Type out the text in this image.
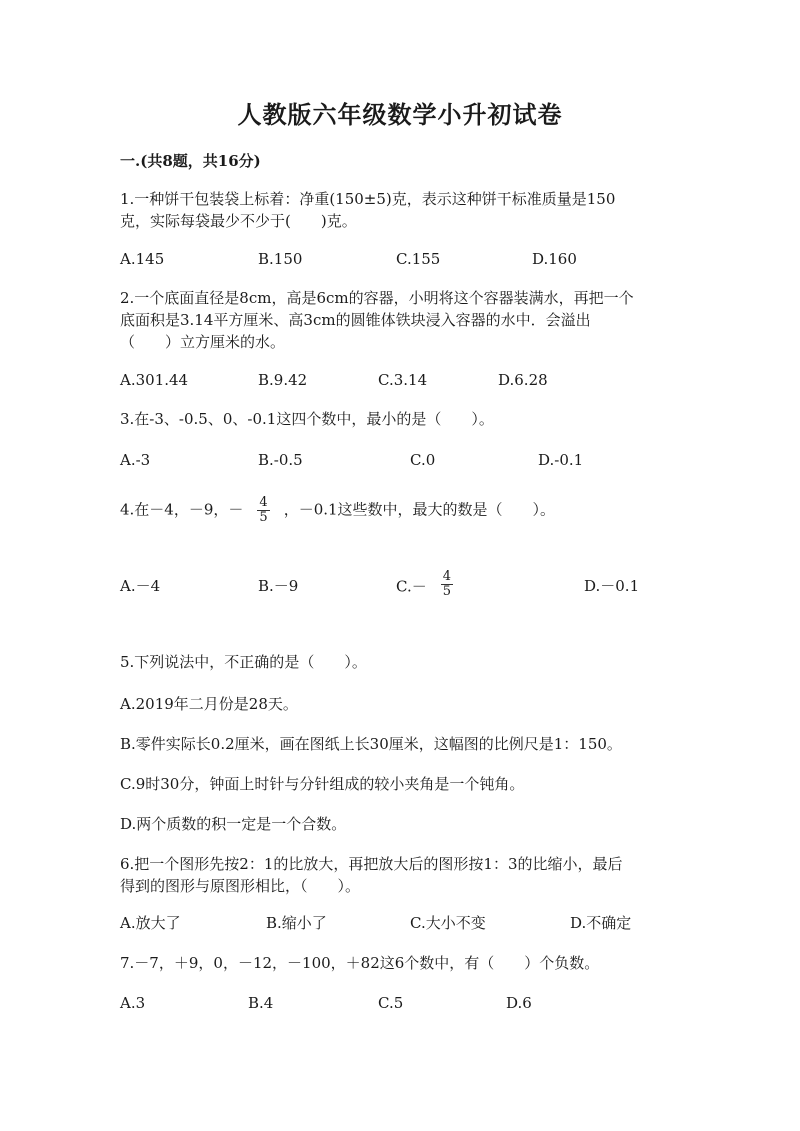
人教版六年级数学小升初试卷
一.(共8题，共16分)
1.一种饼干包装袋上标着：净重(150±5)克，表示这种饼干标准质量是150
克，实际每袋最少不少于(　　)克。
A.145	B.150	C.155	D.160
2.一个底面直径是8cm，高是6cm的容器，小明将这个容器装满水，再把一个
底面积是3.14平方厘米、高3cm的圆锥体铁块浸入容器的水中．会溢出
（　　）立方厘米的水。
A.301.44	B.9.42	C.3.14	D.6.28
3.在-3、-0.5、0、-0.1这四个数中，最小的是（　　）。
A.-3	B.-0.5	C.0	D.-0.1
4.在－4，－9，－ $\frac{4}{5}$ ，－0.1这些数中，最大的数是（　　）。
A.－4	B.－9	$C.- \frac{4}{5}$	D.－0.1
5.下列说法中，不正确的是（　　）。
A.2019年二月份是28天。
B.零件实际长0.2厘米，画在图纸上长30厘米，这幅图的比例尺是1：150。
C.9时30分，钟面上时针与分针组成的较小夹角是一个钝角。
D.两个质数的积一定是一个合数。
6.把一个图形先按2：1的比放大，再把放大后的图形按1：3的比缩小，最后
得到的图形与原图形相比，（　　）。
A.放大了	B.缩小了	C.大小不变	D.不确定
7.－7，＋9，0，－12，－100，＋82这6个数中，有（　　）个负数。
A.3	B.4	C.5	D.6
